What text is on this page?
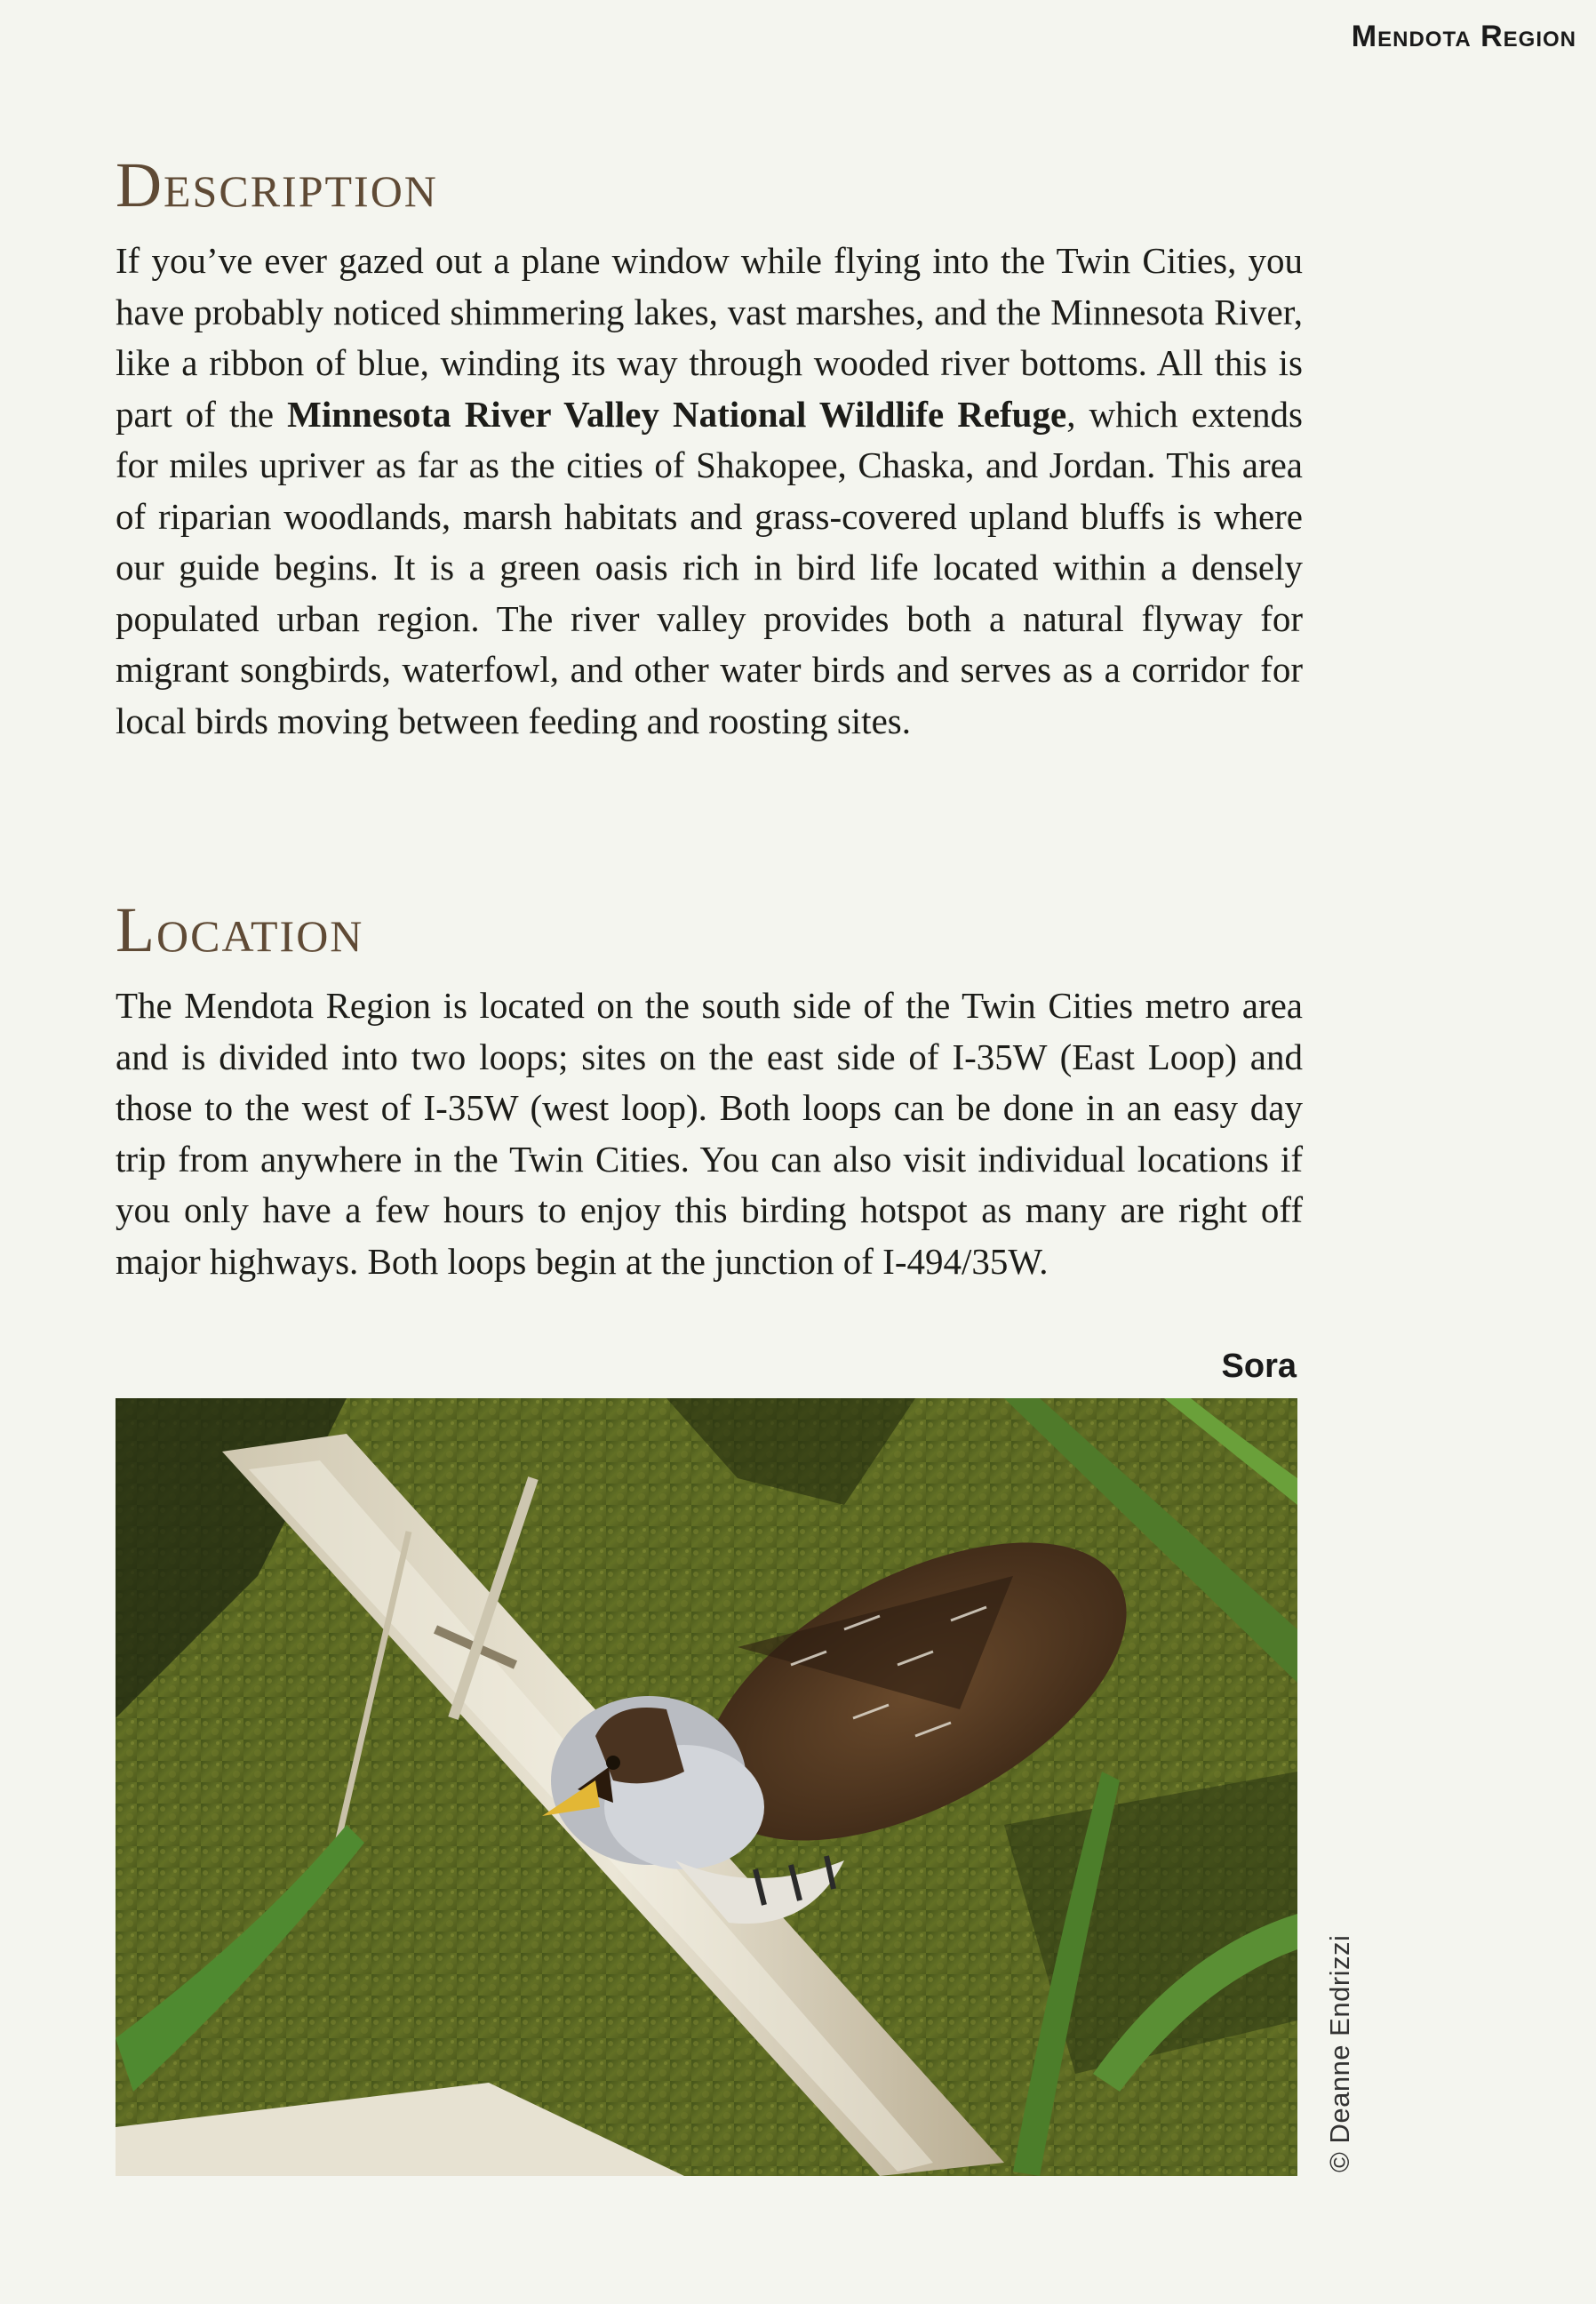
Mendota Region
Description

If you’ve ever gazed out a plane window while flying into the Twin Cities, you have probably noticed shimmering lakes, vast marshes, and the Minnesota River, like a ribbon of blue, winding its way through wooded river bottoms. All this is part of the Minnesota River Valley National Wildlife Refuge, which extends for miles upriver as far as the cities of Shakopee, Chaska, and Jordan. This area of riparian woodlands, marsh habitats and grass-covered upland bluffs is where our guide begins. It is a green oasis rich in bird life located within a densely populated urban region. The river valley provides both a natural flyway for migrant songbirds, waterfowl, and other water birds and serves as a corridor for local birds moving between feeding and roosting sites.

Location

The Mendota Region is located on the south side of the Twin Cities metro area and is divided into two loops; sites on the east side of I-35W (East Loop) and those to the west of I-35W (west loop). Both loops can be done in an easy day trip from anywhere in the Twin Cities. You can also visit individual locations if you only have a few hours to enjoy this birding hotspot as many are right off major highways. Both loops begin at the junction of I-494/35W.

Sora
© Deanne Endrizzi
